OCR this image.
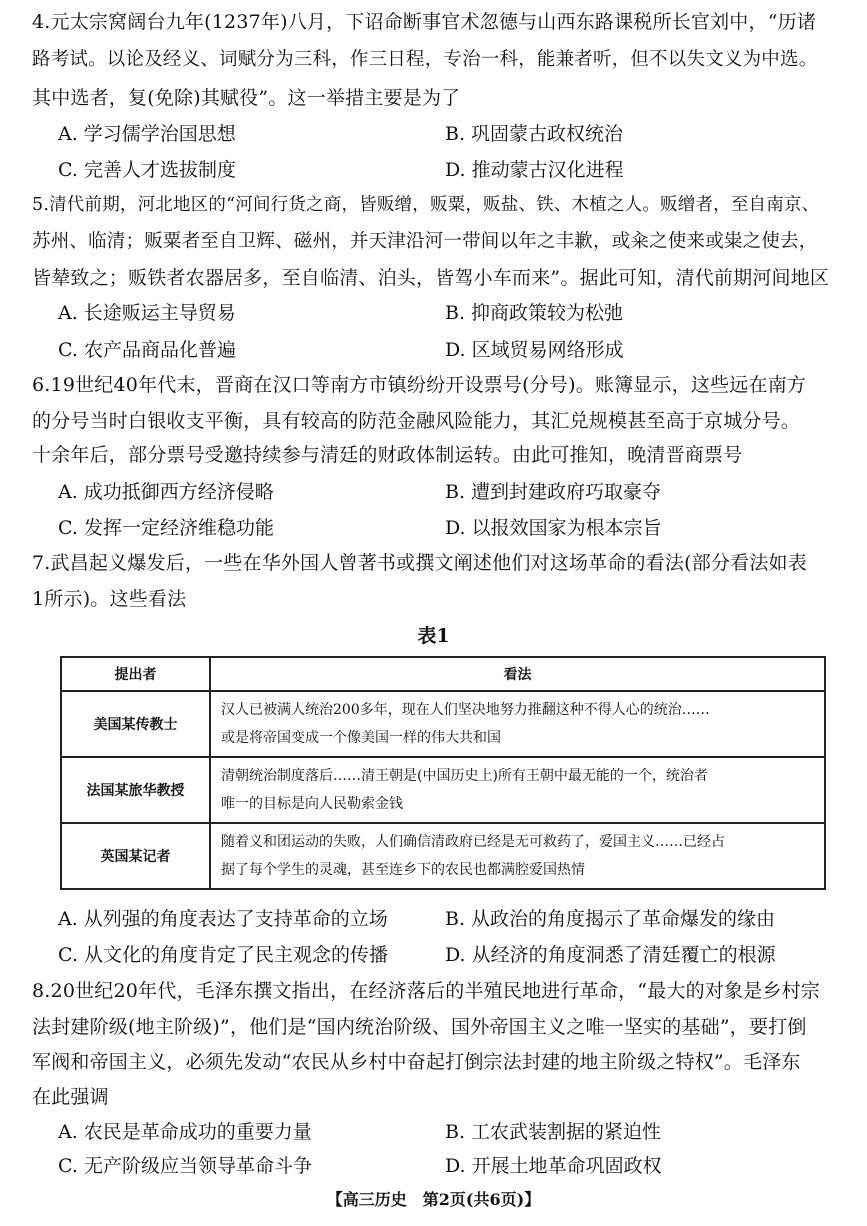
4.元太宗窝阔台九年(1237年)八月，下诏命断事官术忽德与山西东路课税所长官刘中，“历诸
路考试。以论及经义、词赋分为三科，作三日程，专治一科，能兼者听，但不以失文义为中选。
其中选者，复(免除)其赋役”。这一举措主要是为了
A. 学习儒学治国思想	B. 巩固蒙古政权统治
C. 完善人才选拔制度	D. 推动蒙古汉化进程
5.清代前期，河北地区的“河间行货之商，皆贩缯，贩粟，贩盐、铁、木植之人。贩缯者，至自南京、
苏州、临清；贩粟者至自卫辉、磁州，并天津沿河一带间以年之丰歉，或籴之使来或粜之使去，
皆辇致之；贩铁者农器居多，至自临清、泊头，皆驾小车而来”。据此可知，清代前期河间地区
A. 长途贩运主导贸易	B. 抑商政策较为松弛
C. 农产品商品化普遍	D. 区域贸易网络形成
6.19世纪40年代末，晋商在汉口等南方市镇纷纷开设票号(分号)。账簿显示，这些远在南方
的分号当时白银收支平衡，具有较高的防范金融风险能力，其汇兑规模甚至高于京城分号。
十余年后，部分票号受邀持续参与清廷的财政体制运转。由此可推知，晚清晋商票号
A. 成功抵御西方经济侵略	B. 遭到封建政府巧取豪夺
C. 发挥一定经济维稳功能	D. 以报效国家为根本宗旨
7.武昌起义爆发后，一些在华外国人曾著书或撰文阐述他们对这场革命的看法(部分看法如表
1所示)。这些看法
表1
提出者	看法
美国某传教士	汉人已被满人统治200多年，现在人们坚决地努力推翻这种不得人心的统治……
或是将帝国变成一个像美国一样的伟大共和国

法国某旅华教授	清朝统治制度落后……清王朝是(中国历史上)所有王朝中最无能的一个，统治者
唯一的目标是向人民勒索金钱

英国某记者	随着义和团运动的失败，人们确信清政府已经是无可救药了，爱国主义……已经占
据了每个学生的灵魂，甚至连乡下的农民也都满腔爱国热情
A. 从列强的角度表达了支持革命的立场	B. 从政治的角度揭示了革命爆发的缘由
C. 从文化的角度肯定了民主观念的传播	D. 从经济的角度洞悉了清廷覆亡的根源
8.20世纪20年代，毛泽东撰文指出，在经济落后的半殖民地进行革命，“最大的对象是乡村宗
法封建阶级(地主阶级)”，他们是“国内统治阶级、国外帝国主义之唯一坚实的基础”，要打倒
军阀和帝国主义，必须先发动“农民从乡村中奋起打倒宗法封建的地主阶级之特权”。毛泽东
在此强调
A. 农民是革命成功的重要力量	B. 工农武装割据的紧迫性
C. 无产阶级应当领导革命斗争	D. 开展土地革命巩固政权
【高三历史　第2页(共6页)】
